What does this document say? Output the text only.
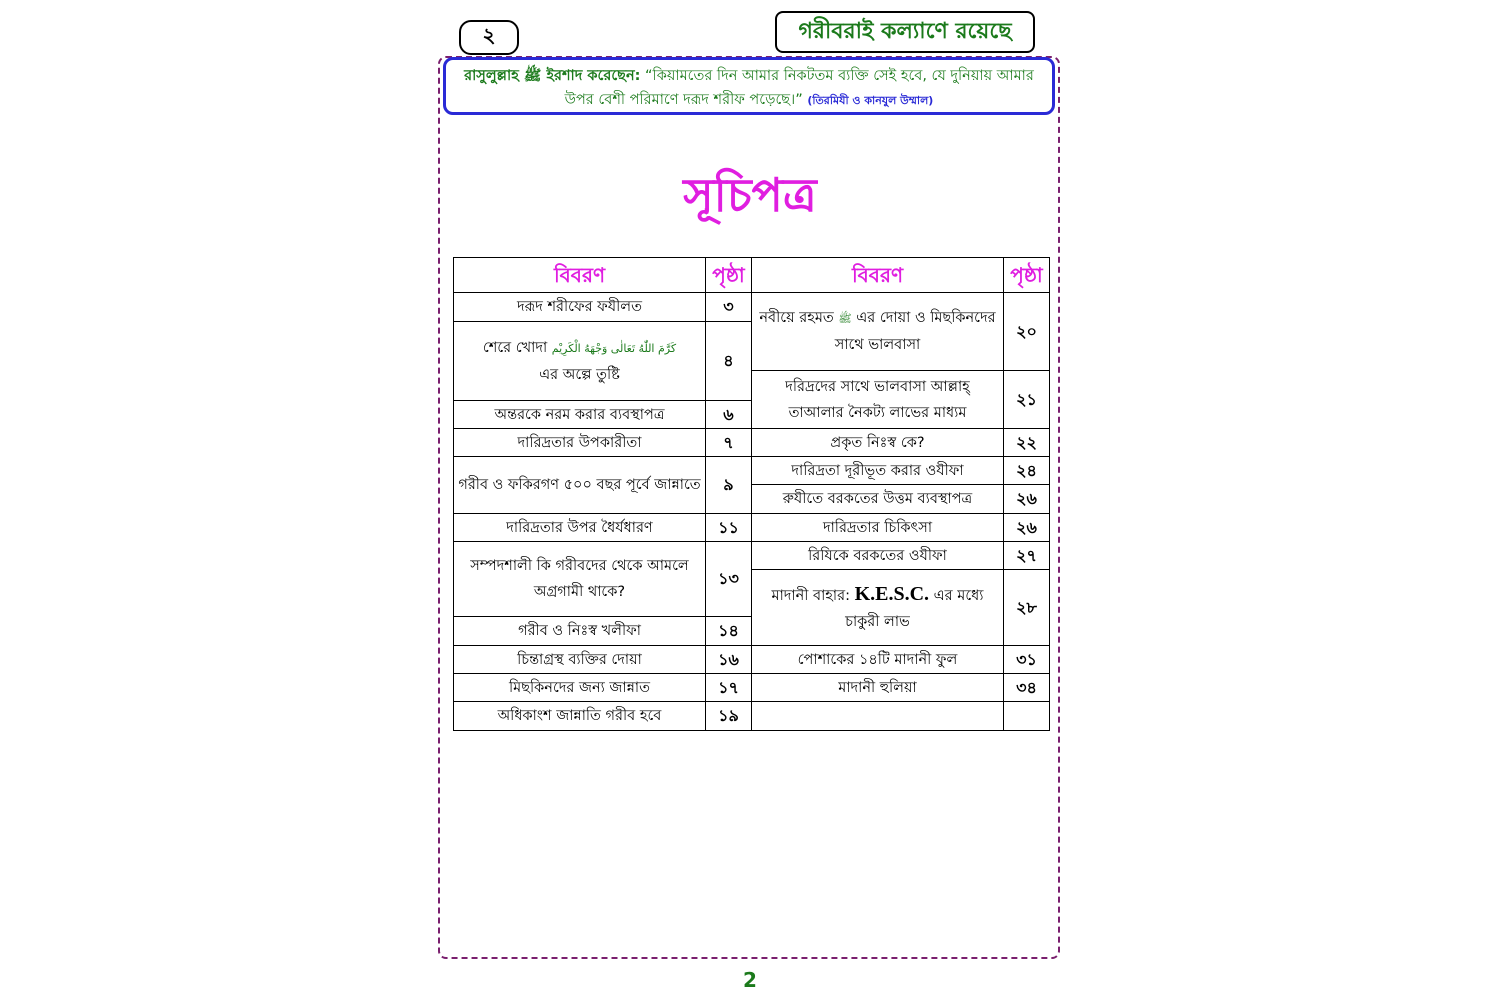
২	গরীবরাই কল্যাণে রয়েছে
রাসুলুল্লাহ ﷺ ইরশাদ করেছেন: “কিয়ামতের দিন আমার নিকটতম ব্যক্তি সেই হবে, যে দুনিয়ায় আমার উপর বেশী পরিমাণে দরূদ শরীফ পড়েছে।” (তিরমিযী ও কানযুল উম্মাল)
সূচিপত্র
বিবরণ	পৃষ্ঠা	বিবরণ	পৃষ্ঠা
দরূদ শরীফের ফযীলত	৩	নবীয়ে রহমত ﷺ এর দোয়া ও মিছকিনদের সাথে ভালবাসা	২০
শেরে খোদা كَرَّمَ اللّٰهُ تَعَالٰى وَجْهَهُ الْكَرِيْم
এর অল্পে তুষ্টি	৪		
		দরিদ্রদের সাথে ভালবাসা আল্লাহ্ তাআলার নৈকট্য লাভের মাধ্যম	২১
অন্তরকে নরম করার ব্যবস্থাপত্র	৬		
দারিদ্রতার উপকারীতা	৭	প্রকৃত নিঃস্ব কে?	২২
গরীব ও ফকিরগণ ৫০০ বছর পূর্বে জান্নাতে	৯	দারিদ্রতা দূরীভূত করার ওযীফা	২৪
		রুযীতে বরকতের উত্তম ব্যবস্থাপত্র	২৬
দারিদ্রতার উপর ধৈর্যধারণ	১১	দারিদ্রতার চিকিৎসা	২৬
সম্পদশালী কি গরীবদের থেকে আমলে অগ্রগামী থাকে?	১৩	রিযিকে বরকতের ওযীফা	২৭
		মাদানী বাহার: K.E.S.C. এর মধ্যে চাকুরী লাভ	২৮
গরীব ও নিঃস্ব খলীফা	১৪		
চিন্তাগ্রস্থ ব্যক্তির দোয়া	১৬	পোশাকের ১৪টি মাদানী ফুল	৩১
মিছকিনদের জন্য জান্নাত	১৭	মাদানী হুলিয়া	৩৪
অধিকাংশ জান্নাতি গরীব হবে	১৯		
2
